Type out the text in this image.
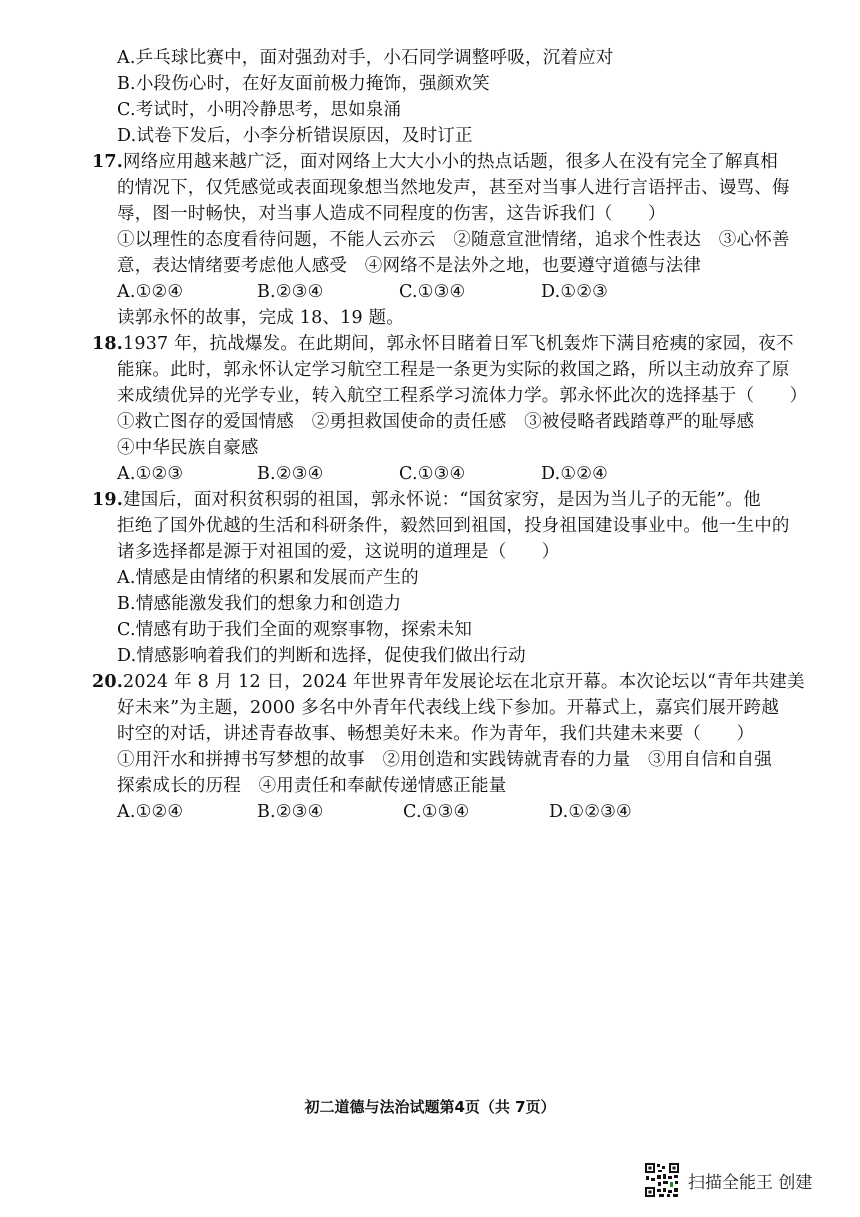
A.乒乓球比赛中，面对强劲对手，小石同学调整呼吸，沉着应对
B.小段伤心时，在好友面前极力掩饰，强颜欢笑
C.考试时，小明冷静思考，思如泉涌
D.试卷下发后，小李分析错误原因，及时订正
17.网络应用越来越广泛，面对网络上大大小小的热点话题，很多人在没有完全了解真相
的情况下，仅凭感觉或表面现象想当然地发声，甚至对当事人进行言语抨击、谩骂、侮
辱，图一时畅快，对当事人造成不同程度的伤害，这告诉我们（　　）
①以理性的态度看待问题，不能人云亦云　②随意宣泄情绪，追求个性表达　③心怀善
意，表达情绪要考虑他人感受　④网络不是法外之地，也要遵守道德与法律
A.①②④	B.②③④	C.①③④	D.①②③
读郭永怀的故事，完成 18、19 题。
18.1937 年，抗战爆发。在此期间，郭永怀目睹着日军飞机轰炸下满目疮痍的家园，夜不
能寐。此时，郭永怀认定学习航空工程是一条更为实际的救国之路，所以主动放弃了原
来成绩优异的光学专业，转入航空工程系学习流体力学。郭永怀此次的选择基于（　　）
①救亡图存的爱国情感　②勇担救国使命的责任感　③被侵略者践踏尊严的耻辱感
④中华民族自豪感
A.①②③	B.②③④	C.①③④	D.①②④
19.建国后，面对积贫积弱的祖国，郭永怀说：“国贫家穷，是因为当儿子的无能”。他
拒绝了国外优越的生活和科研条件，毅然回到祖国，投身祖国建设事业中。他一生中的
诸多选择都是源于对祖国的爱，这说明的道理是（　　）
A.情感是由情绪的积累和发展而产生的
B.情感能激发我们的想象力和创造力
C.情感有助于我们全面的观察事物，探索未知
D.情感影响着我们的判断和选择，促使我们做出行动
20.2024 年 8 月 12 日，2024 年世界青年发展论坛在北京开幕。本次论坛以“青年共建美
好未来”为主题，2000 多名中外青年代表线上线下参加。开幕式上，嘉宾们展开跨越
时空的对话，讲述青春故事、畅想美好未来。作为青年，我们共建未来要（　　）
①用汗水和拼搏书写梦想的故事　②用创造和实践铸就青春的力量　③用自信和自强
探索成长的历程　④用责任和奉献传递情感正能量
A.①②④	B.②③④	C.①③④	D.①②③④
初二道德与法治试题第4页（共 7页）
扫描全能王 创建
